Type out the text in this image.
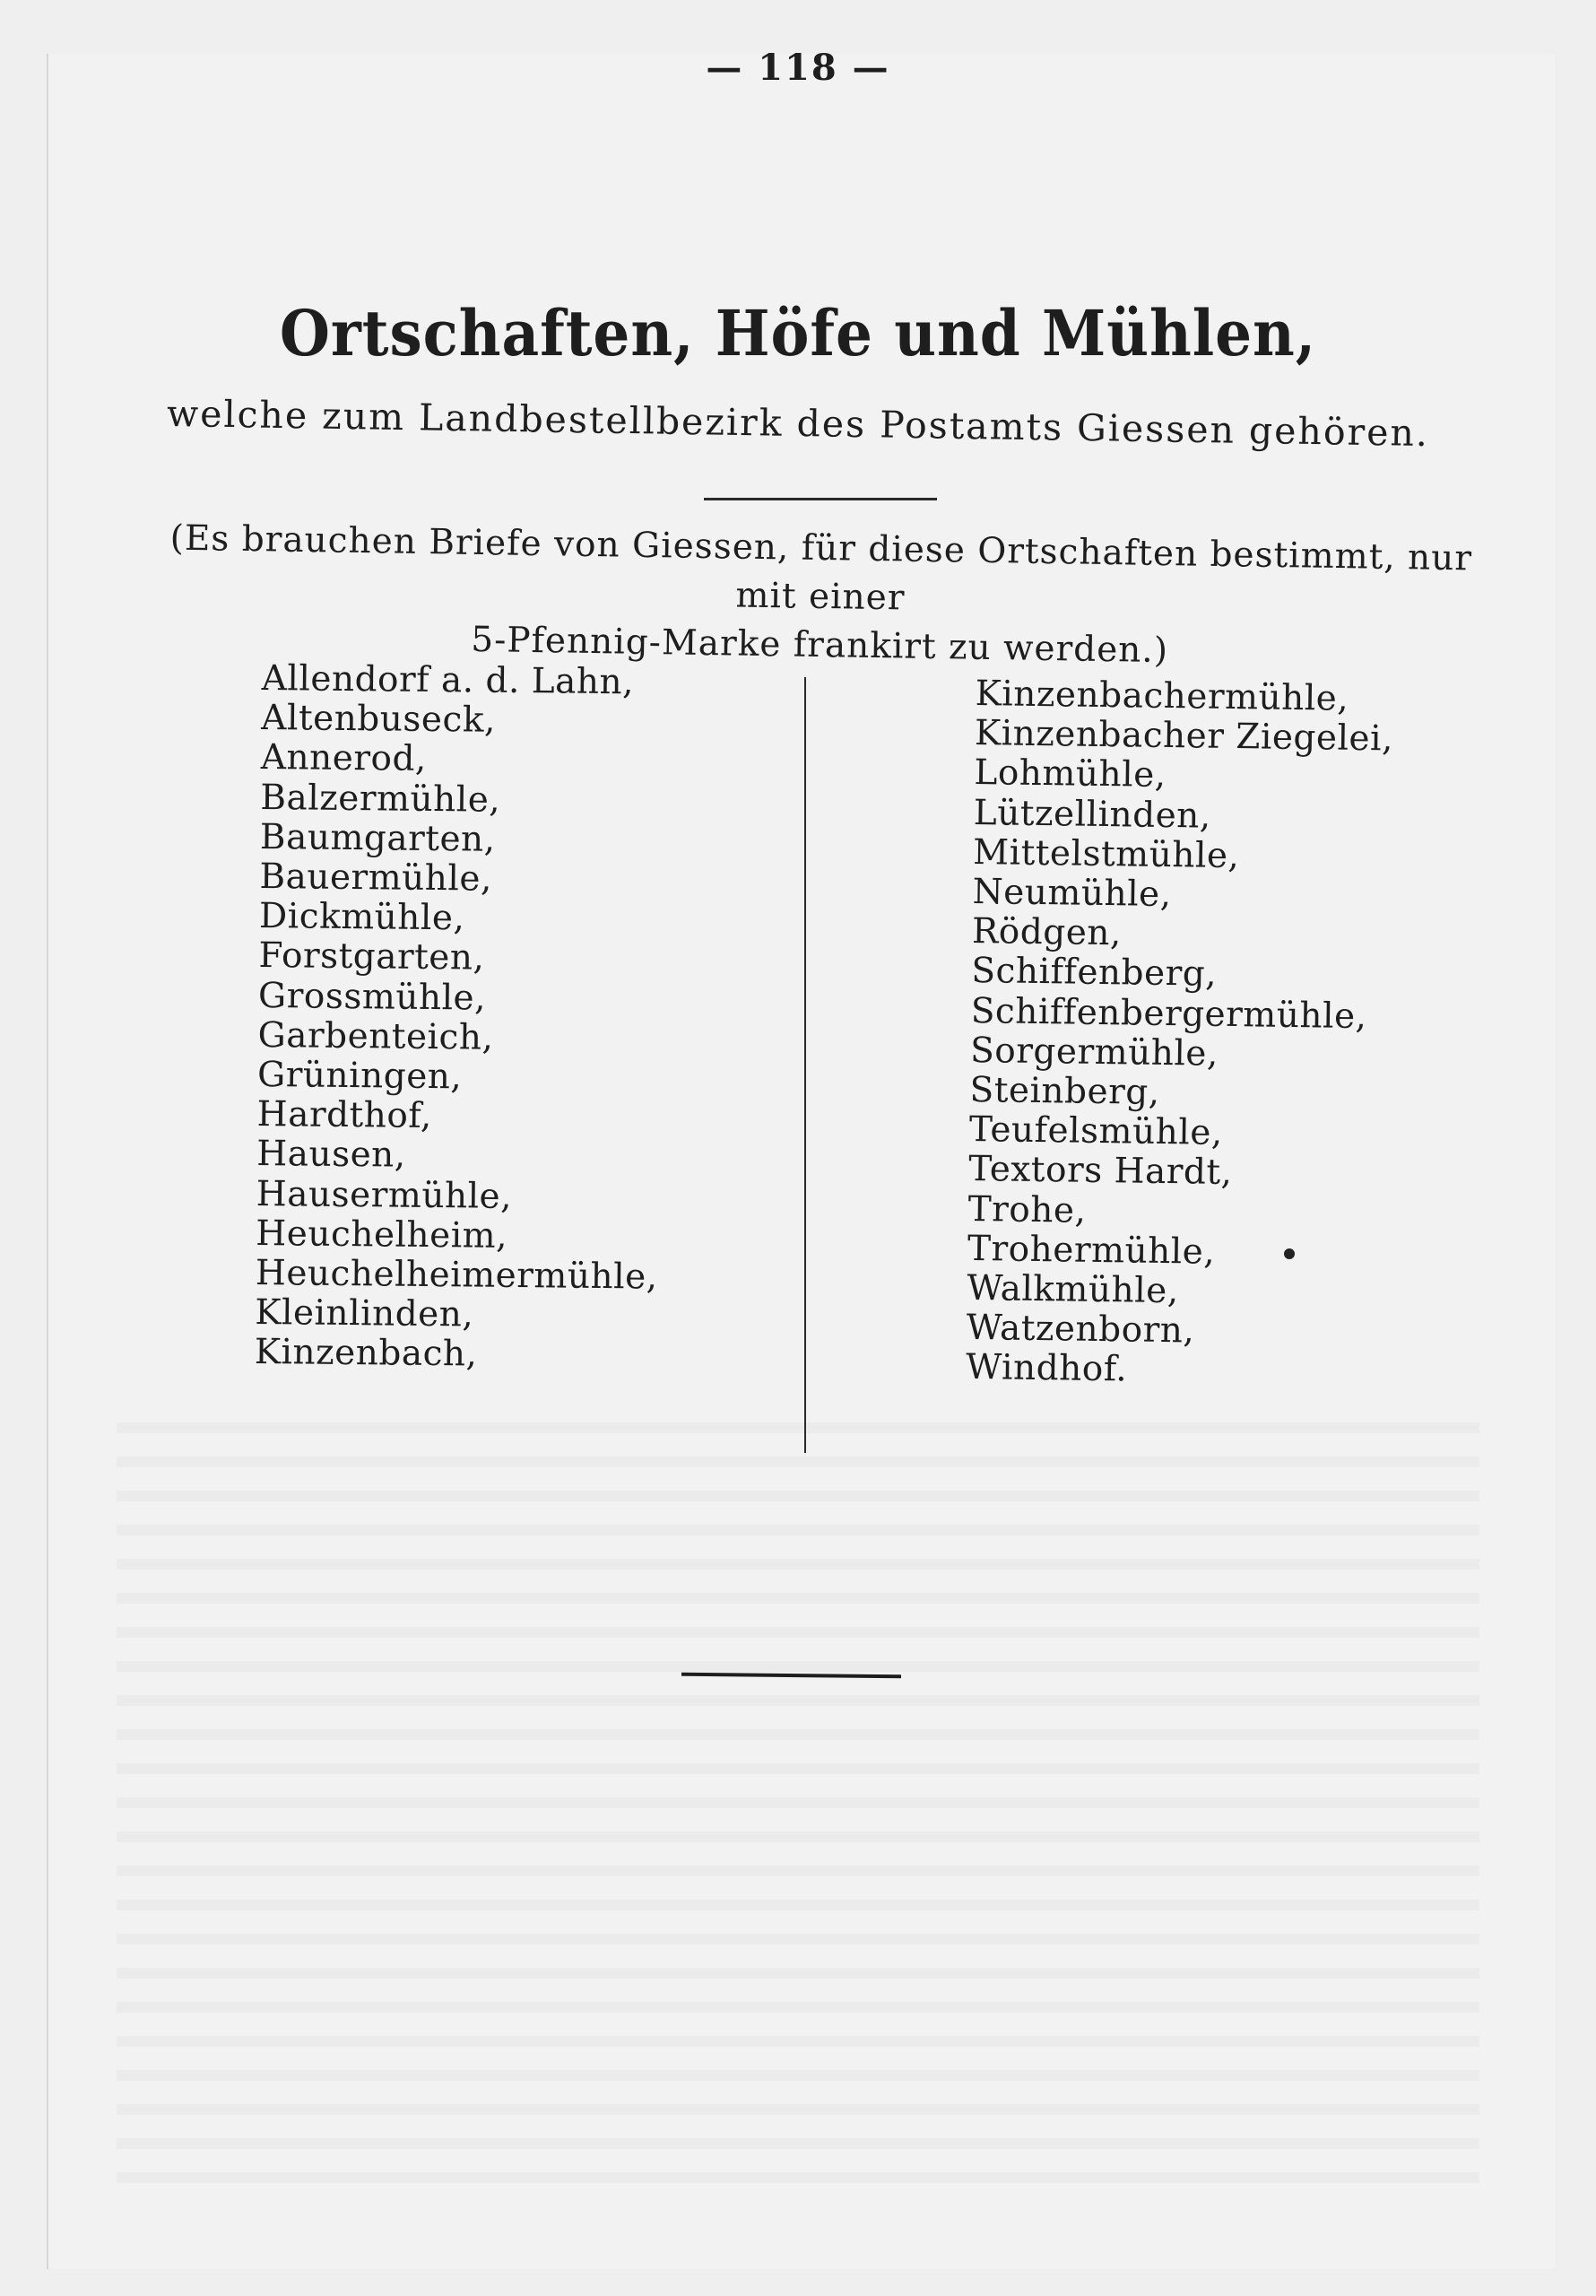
— 118 —
Ortschaften, Höfe und Mühlen,
welche zum Landbestellbezirk des Postamts Giessen gehören.
(Es brauchen Briefe von Giessen, für diese Ortschaften bestimmt, nur mit einer
5-Pfennig-Marke frankirt zu werden.)
Allendorf a. d. Lahn,
Altenbuseck,
Annerod,
Balzermühle,
Baumgarten,
Bauermühle,
Dickmühle,
Forstgarten,
Grossmühle,
Garbenteich,
Grüningen,
Hardthof,
Hausen,
Hausermühle,
Heuchelheim,
Heuchelheimermühle,
Kleinlinden,
Kinzenbach,
Kinzenbachermühle,
Kinzenbacher Ziegelei,
Lohmühle,
Lützellinden,
Mittelstmühle,
Neumühle,
Rödgen,
Schiffenberg,
Schiffenbergermühle,
Sorgermühle,
Steinberg,
Teufelsmühle,
Textors Hardt,
Trohe,
Trohermühle,
Walkmühle,
Watzenborn,
Windhof.
